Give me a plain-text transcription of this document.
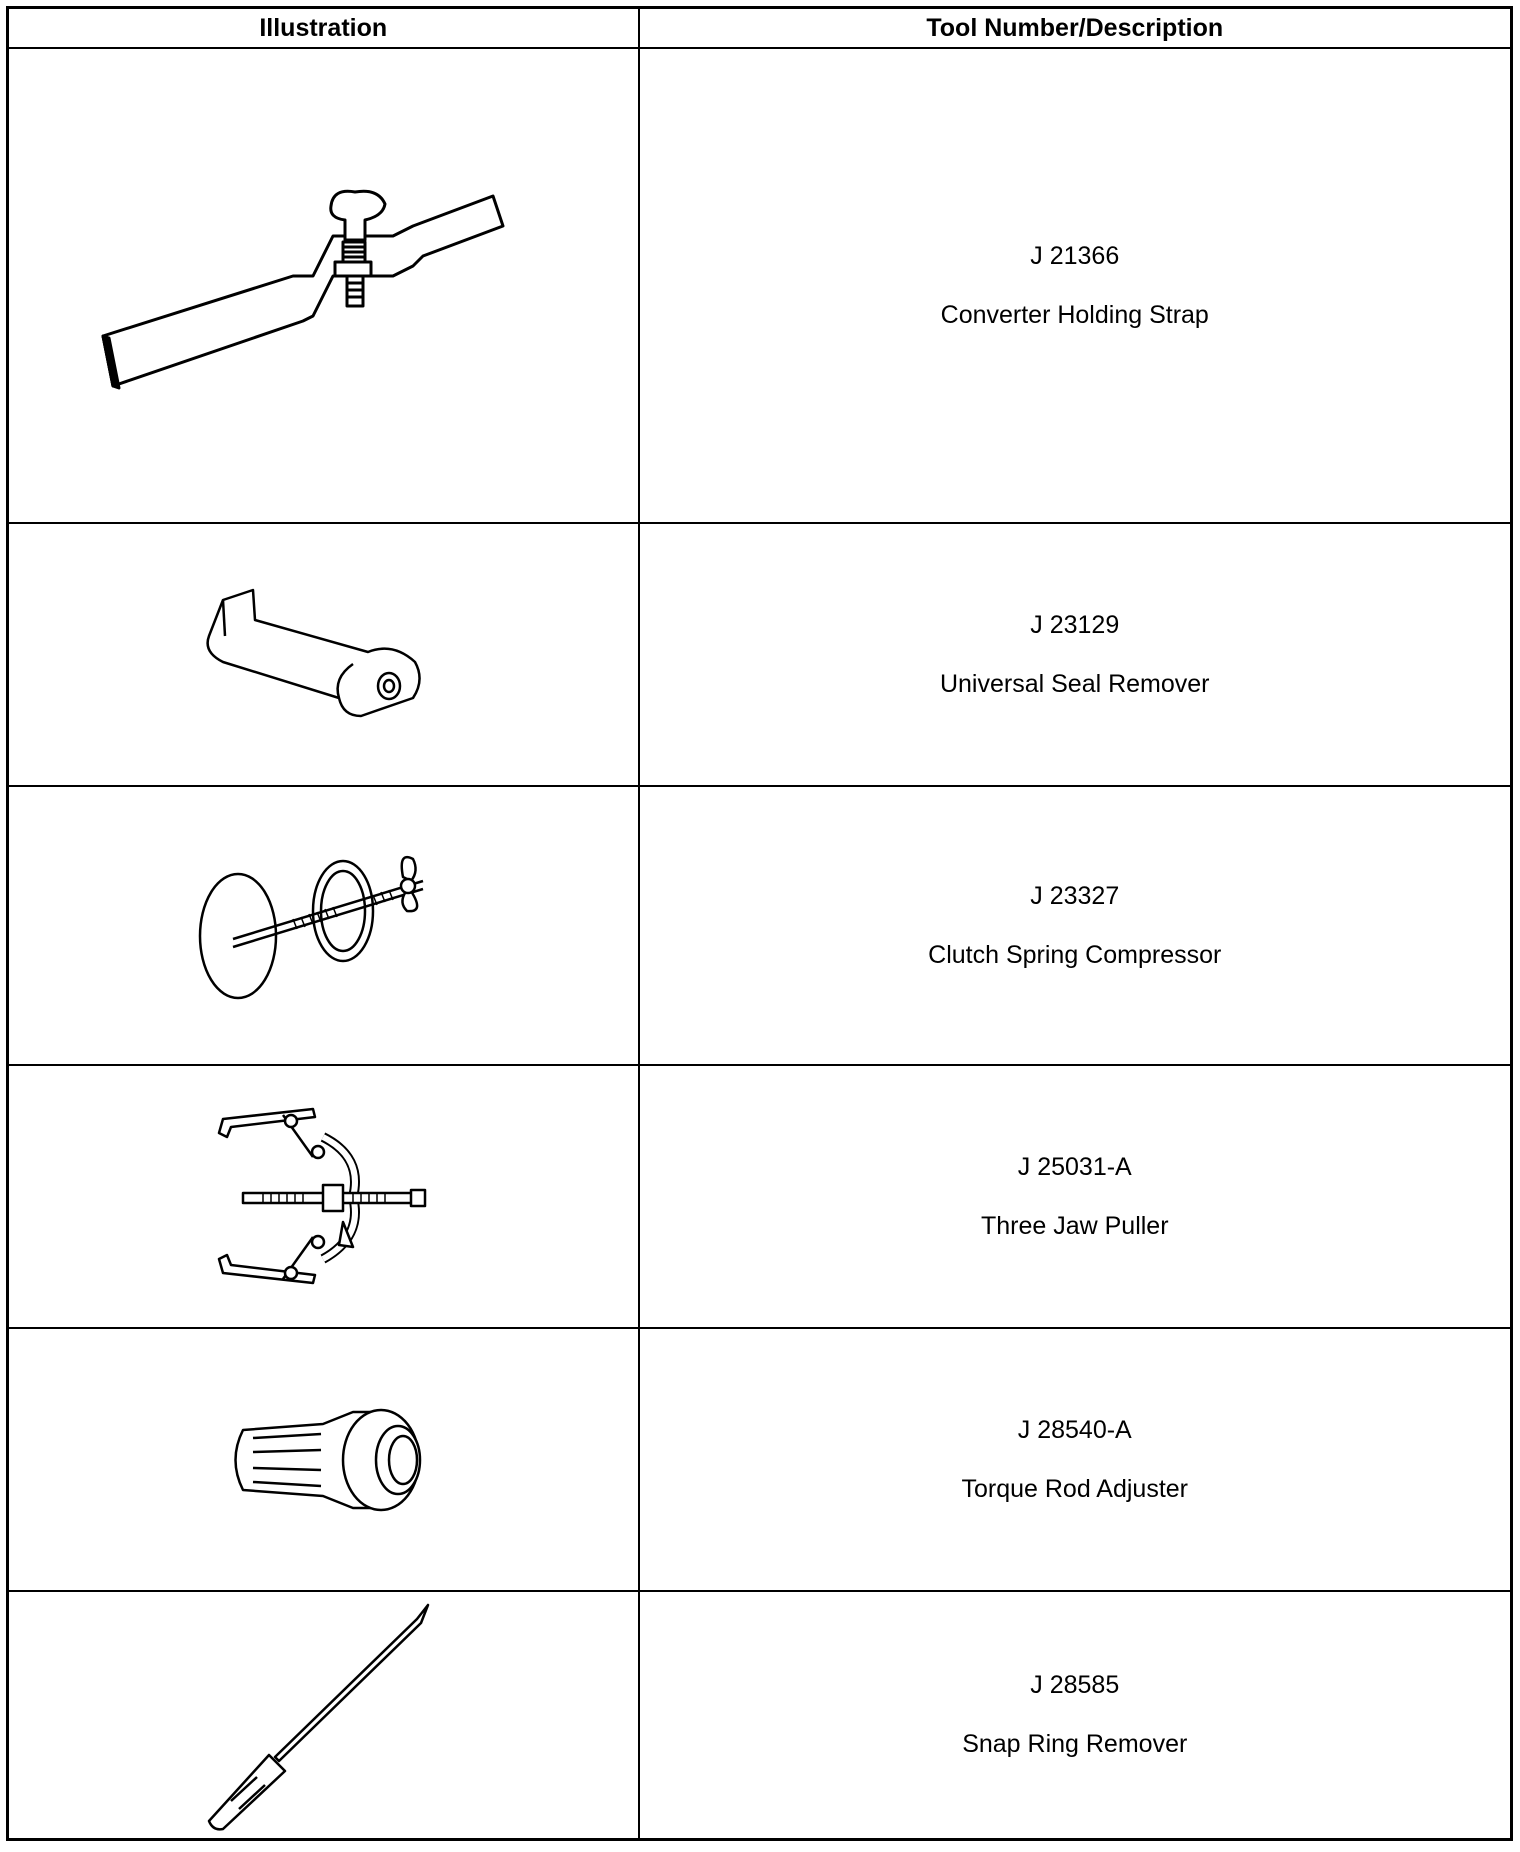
Illustration	Tool Number/Description

J 21366
Converter Holding Strap

J 23129
Universal Seal Remover

J 23327
Clutch Spring Compressor

J 25031-A
Three Jaw Puller

J 28540-A
Torque Rod Adjuster

J 28585
Snap Ring Remover
